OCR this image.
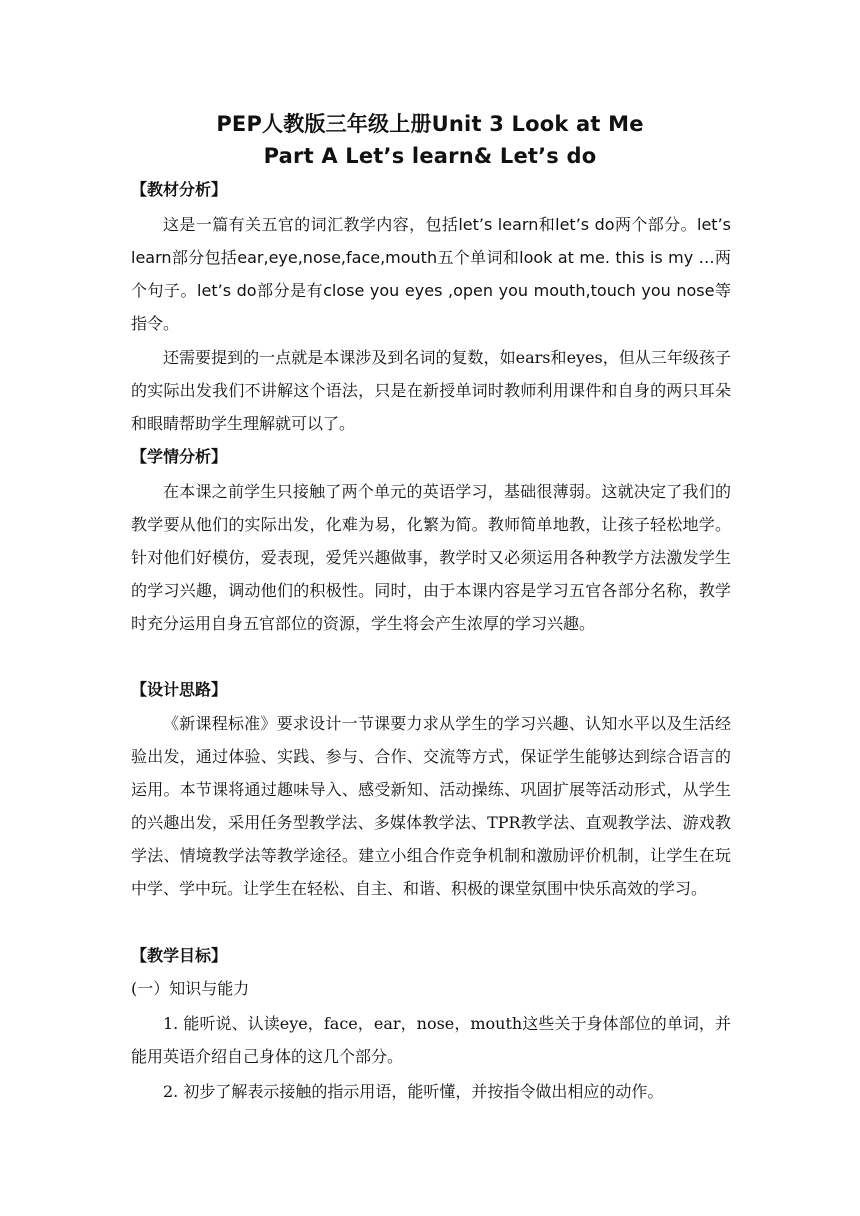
PEP人教版三年级上册Unit 3 Look at Me
Part A Let’s learn& Let’s do
【教材分析】
这是一篇有关五官的词汇教学内容，包括let’s learn和let’s do两个部分。let’s learn部分包括ear,eye,nose,face,mouth五个单词和look at me. this is my …两个句子。let’s do部分是有close you eyes ,open you mouth,touch you nose等指令。
还需要提到的一点就是本课涉及到名词的复数，如ears和eyes，但从三年级孩子的实际出发我们不讲解这个语法，只是在新授单词时教师利用课件和自身的两只耳朵和眼睛帮助学生理解就可以了。
【学情分析】
在本课之前学生只接触了两个单元的英语学习，基础很薄弱。这就决定了我们的教学要从他们的实际出发，化难为易，化繁为简。教师简单地教，让孩子轻松地学。针对他们好模仿，爱表现，爱凭兴趣做事，教学时又必须运用各种教学方法激发学生的学习兴趣，调动他们的积极性。同时，由于本课内容是学习五官各部分名称，教学时充分运用自身五官部位的资源，学生将会产生浓厚的学习兴趣。
【设计思路】
《新课程标准》要求设计一节课要力求从学生的学习兴趣、认知水平以及生活经验出发，通过体验、实践、参与、合作、交流等方式，保证学生能够达到综合语言的运用。本节课将通过趣味导入、感受新知、活动操练、巩固扩展等活动形式，从学生的兴趣出发，采用任务型教学法、多媒体教学法、TPR教学法、直观教学法、游戏教学法、情境教学法等教学途径。建立小组合作竞争机制和激励评价机制，让学生在玩中学、学中玩。让学生在轻松、自主、和谐、积极的课堂氛围中快乐高效的学习。
【教学目标】
(一）知识与能力
1. 能听说、认读eye，face，ear，nose，mouth这些关于身体部位的单词，并能用英语介绍自己身体的这几个部分。
2. 初步了解表示接触的指示用语，能听懂，并按指令做出相应的动作。
